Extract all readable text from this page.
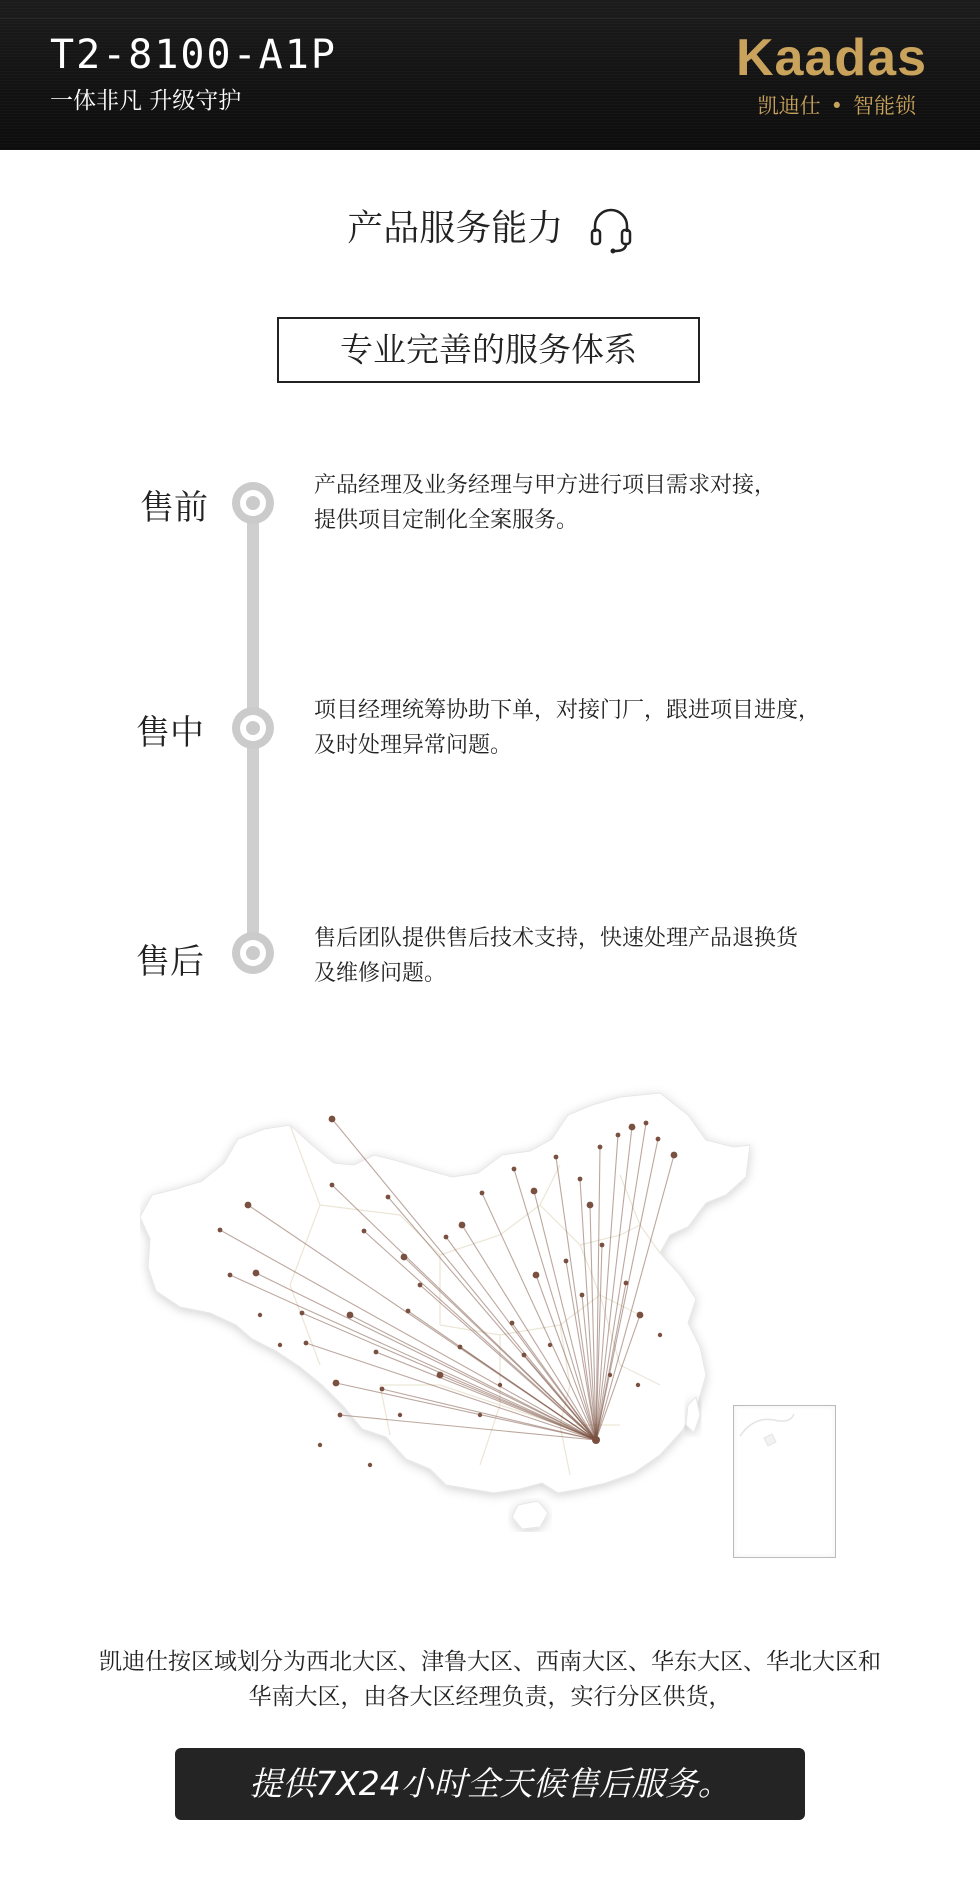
T2-8100-A1P
一体非凡 升级守护
Kaadas
凯迪仕 • 智能锁
产品服务能力
专业完善的服务体系
售前
产品经理及业务经理与甲方进行项目需求对接，
提供项目定制化全案服务。
售中
项目经理统筹协助下单，对接门厂，跟进项目进度，
及时处理异常问题。
售后
售后团队提供售后技术支持，快速处理产品退换货
及维修问题。
凯迪仕按区域划分为西北大区、津鲁大区、西南大区、华东大区、华北大区和
华南大区，由各大区经理负责，实行分区供货，
提供7X24小时全天候售后服务。
